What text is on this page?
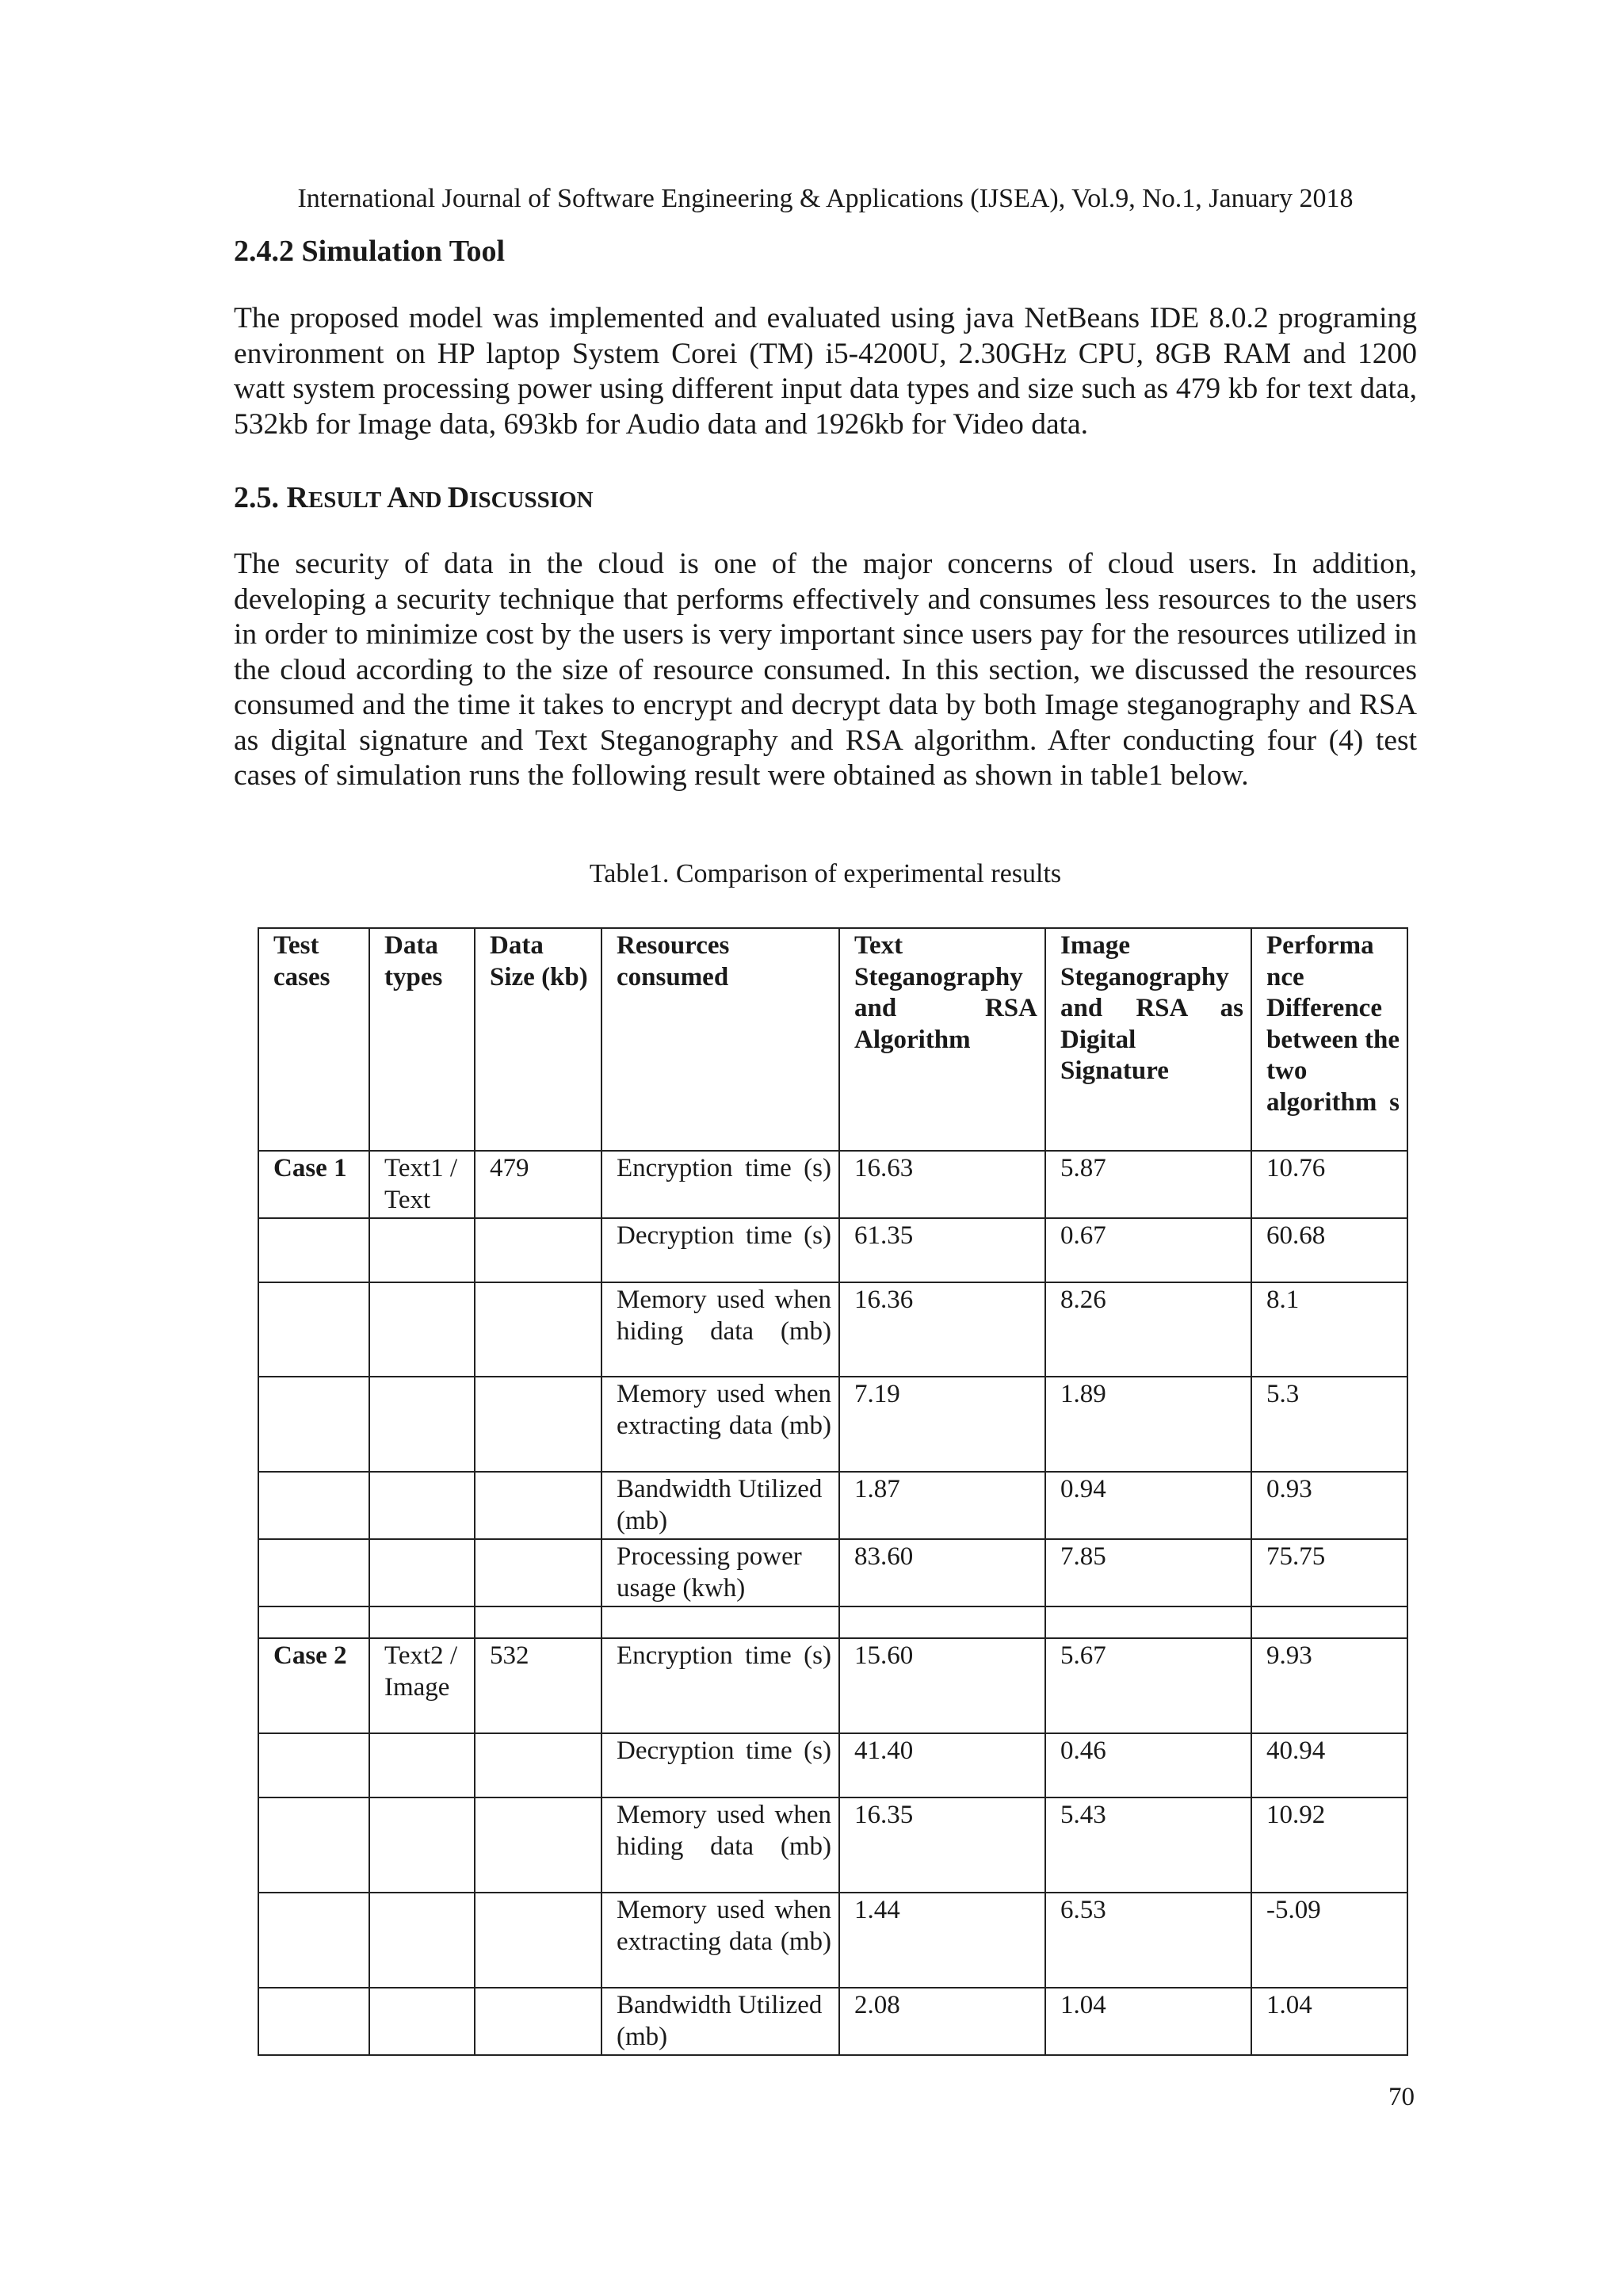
International Journal of Software Engineering & Applications (IJSEA), Vol.9, No.1, January 2018
2.4.2 Simulation Tool

The proposed model was implemented and evaluated using java NetBeans IDE 8.0.2 programing environment on HP laptop System Corei (TM) i5-4200U, 2.30GHz CPU, 8GB RAM and 1200 watt system processing power using different input data types and size such as 479 kb for text data, 532kb for Image data, 693kb for Audio data and 1926kb for Video data.

2.5. RESULT AND DISCUSSION

The security of data in the cloud is one of the major concerns of cloud users. In addition, developing a security technique that performs effectively and consumes less resources to the users in order to minimize cost by the users is very important since users pay for the resources utilized in the cloud according to the size of resource consumed. In this section, we discussed the resources consumed and the time it takes to encrypt and decrypt data by both Image steganography and RSA as digital signature and Text Steganography and RSA algorithm. After conducting four (4) test cases of simulation runs the following result were obtained as shown in table1 below.

Table1. Comparison of experimental results
Test cases	Data types	Data Size (kb)	Resources consumed	Text Steganography and RSA Algorithm	Image Steganography and RSA as Digital Signature	Performa nce Difference between the two algorithm s
Case 1	Text1 / Text	479	Encryption time (s)	16.63	5.87	10.76
			Decryption time (s)	61.35	0.67	60.68
			Memory used when hiding data (mb)	16.36	8.26	8.1
			Memory used when extracting data (mb)	7.19	1.89	5.3
			Bandwidth Utilized (mb)	1.87	0.94	0.93
			Processing power usage (kwh)	83.60	7.85	75.75

Case 2	Text2 / Image	532	Encryption time (s)	15.60	5.67	9.93
			Decryption time (s)	41.40	0.46	40.94
			Memory used when hiding data (mb)	16.35	5.43	10.92
			Memory used when extracting data (mb)	1.44	6.53	-5.09
			Bandwidth Utilized (mb)	2.08	1.04	1.04
70
